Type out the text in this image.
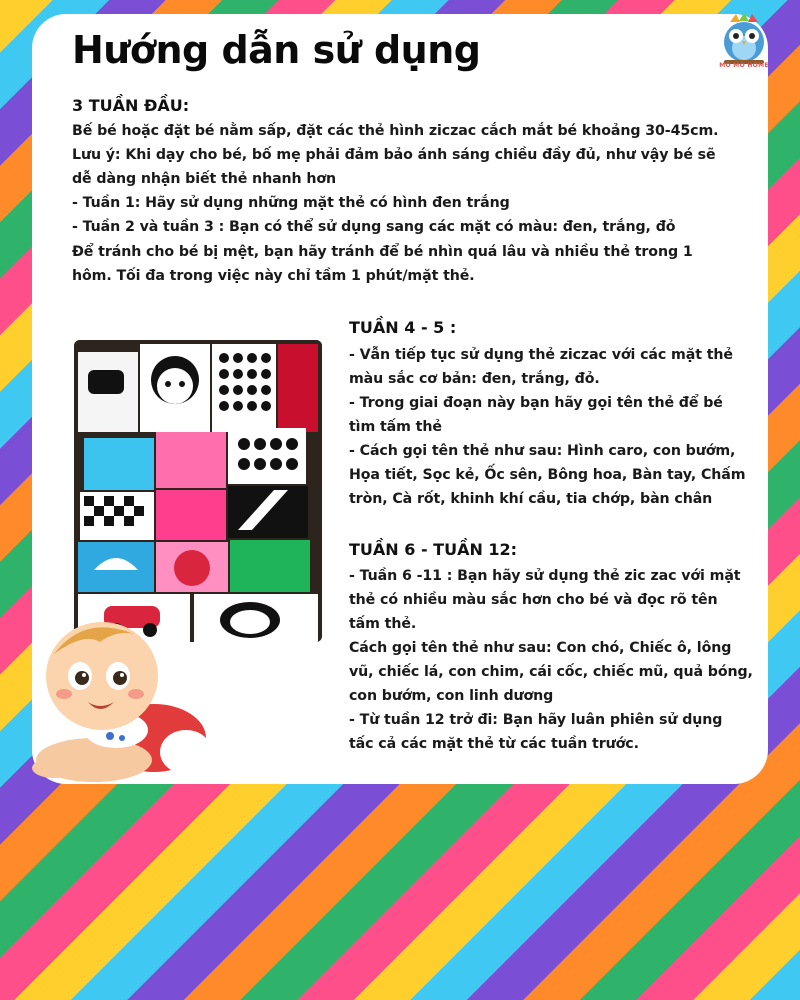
Hướng dẫn sử dụng	MÔ MÔ HOME

3 TUẦN ĐẦU:

Bế bé hoặc đặt bé nằm sấp, đặt các thẻ hình ziczac cắch mắt bé khoảng 30-45cm.

Lưu ý: Khi dạy cho bé, bố mẹ phải đảm bảo ánh sáng chiều đầy đủ, như vậy bé sẽ

dễ dàng nhận biết thẻ nhanh hơn

- Tuần 1: Hãy sử dụng những mặt thẻ có hình đen trắng

- Tuần 2 và tuần 3 : Bạn có thể sử dụng sang các mặt có màu: đen, trắng, đỏ

Để tránh cho bé bị mệt, bạn hãy tránh để bé nhìn quá lâu và nhiều thẻ trong 1

hôm. Tối đa trong việc này chỉ tầm 1 phút/mặt thẻ.

TUẦN 4 - 5 :

- Vẫn tiếp tục sử dụng thẻ ziczac với các mặt thẻ

màu sắc cơ bản: đen, trắng, đỏ.

- Trong giai đoạn này bạn hãy gọi tên thẻ để bé

tìm tấm thẻ

- Cách gọi tên thẻ như sau: Hình caro, con bướm,

Họa tiết, Sọc kẻ, Ốc sên, Bông hoa, Bàn tay, Chấm

tròn, Cà rốt, khinh khí cầu, tia chớp, bàn chân

TUẦN 6 - TUẦN 12:

- Tuần 6 -11 : Bạn hãy sử dụng thẻ zic zac với mặt

thẻ có nhiều màu sắc hơn cho bé và đọc rõ tên

tấm thẻ.

Cách gọi tên thẻ như sau: Con chó, Chiếc ô, lông

vũ, chiếc lá, con chim, cái cốc, chiếc mũ, quả bóng,

con bướm, con linh dương

- Từ tuần 12 trở đi: Bạn hãy luân phiên sử dụng

tấc cả các mặt thẻ từ các tuần trước.
